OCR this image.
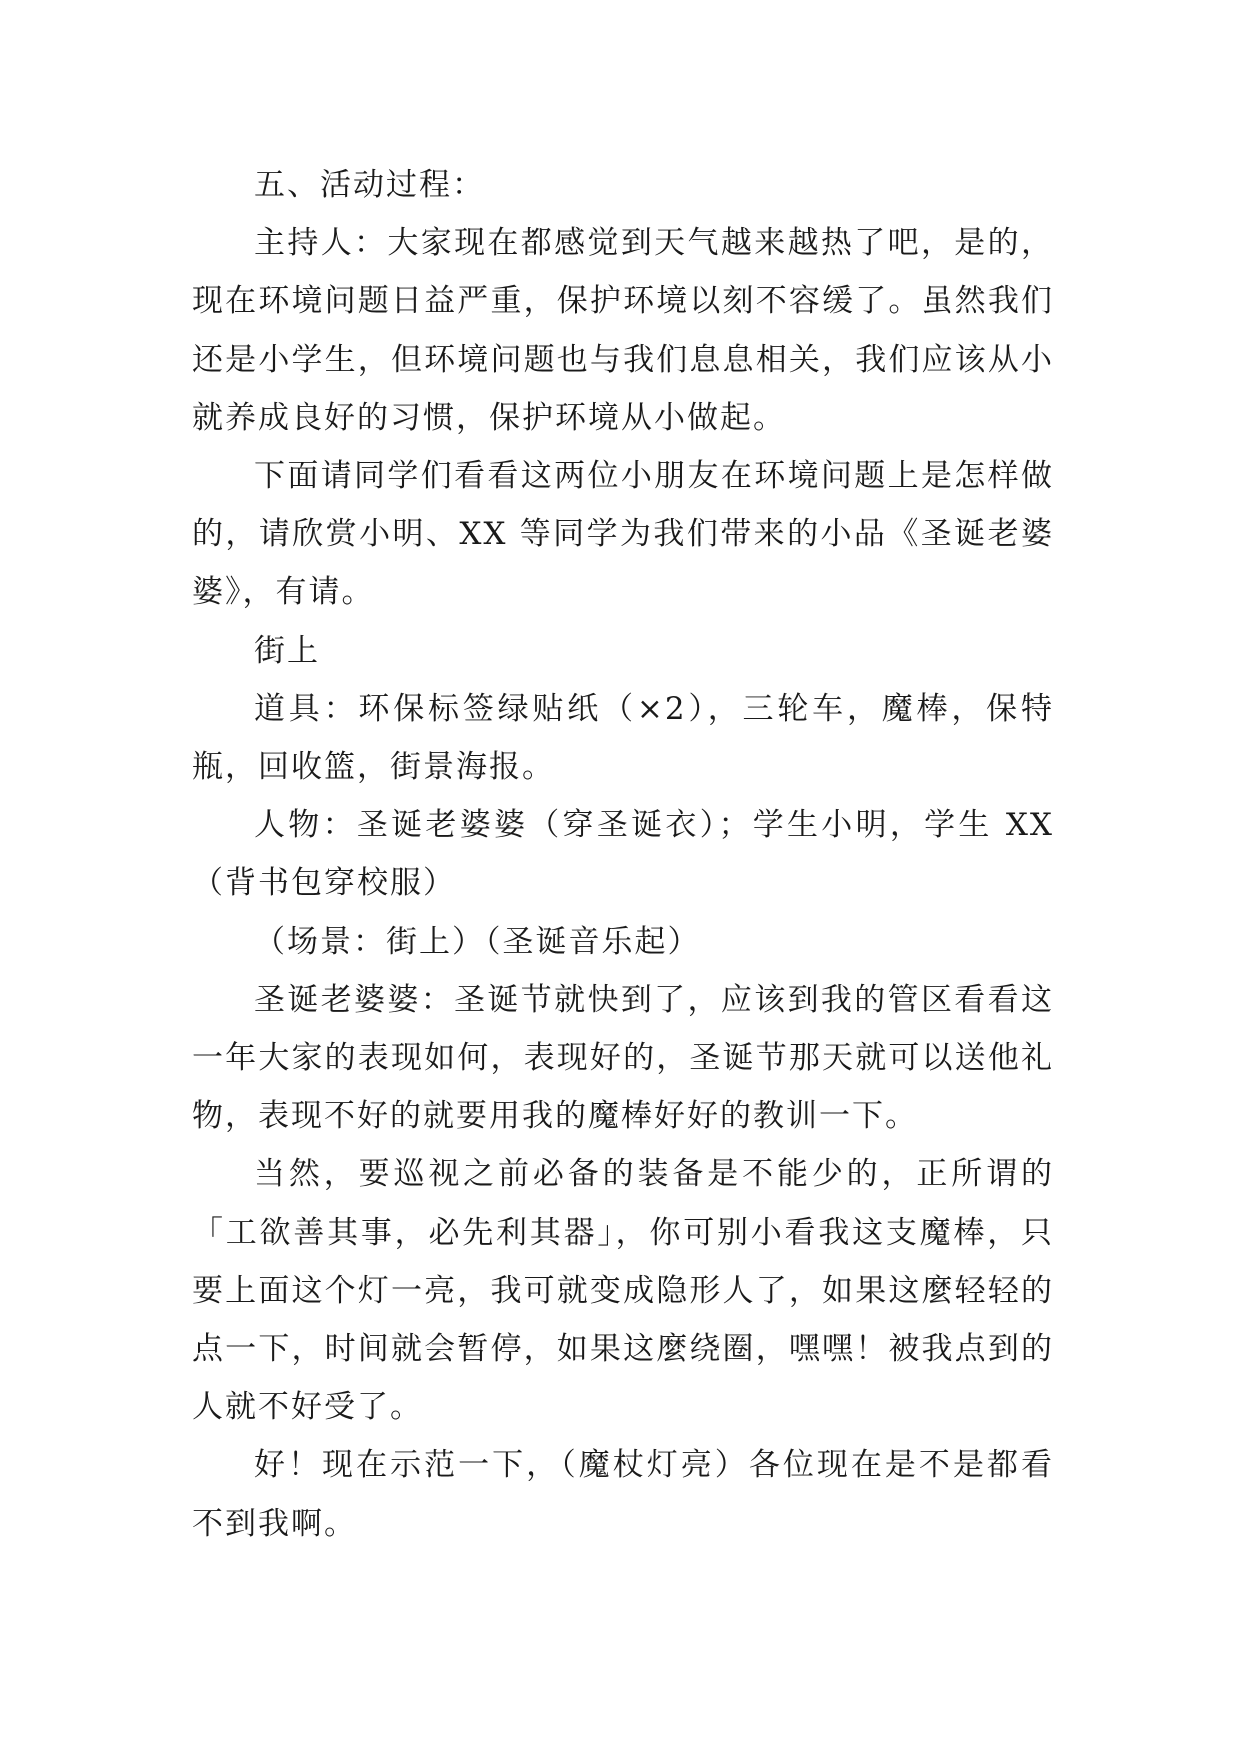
五、活动过程：

主持人：大家现在都感觉到天气越来越热了吧，是的，现在环境问题日益严重，保护环境以刻不容缓了。虽然我们还是小学生，但环境问题也与我们息息相关，我们应该从小就养成良好的习惯，保护环境从小做起。

下面请同学们看看这两位小朋友在环境问题上是怎样做的，请欣赏小明、XX 等同学为我们带来的小品《圣诞老婆婆》，有请。

街上

道具：环保标签绿贴纸（×2），三轮车，魔棒，保特瓶，回收篮，街景海报。

人物：圣诞老婆婆（穿圣诞衣）；学生小明，学生 XX（背书包穿校服）

（场景：街上）（圣诞音乐起）

圣诞老婆婆：圣诞节就快到了，应该到我的管区看看这一年大家的表现如何，表现好的，圣诞节那天就可以送他礼物，表现不好的就要用我的魔棒好好的教训一下。

当然，要巡视之前必备的装备是不能少的，正所谓的「工欲善其事，必先利其器」，你可别小看我这支魔棒，只要上面这个灯一亮，我可就变成隐形人了，如果这麼轻轻的点一下，时间就会暂停，如果这麼绕圈，嘿嘿！被我点到的人就不好受了。

好！现在示范一下，（魔杖灯亮）各位现在是不是都看不到我啊。
